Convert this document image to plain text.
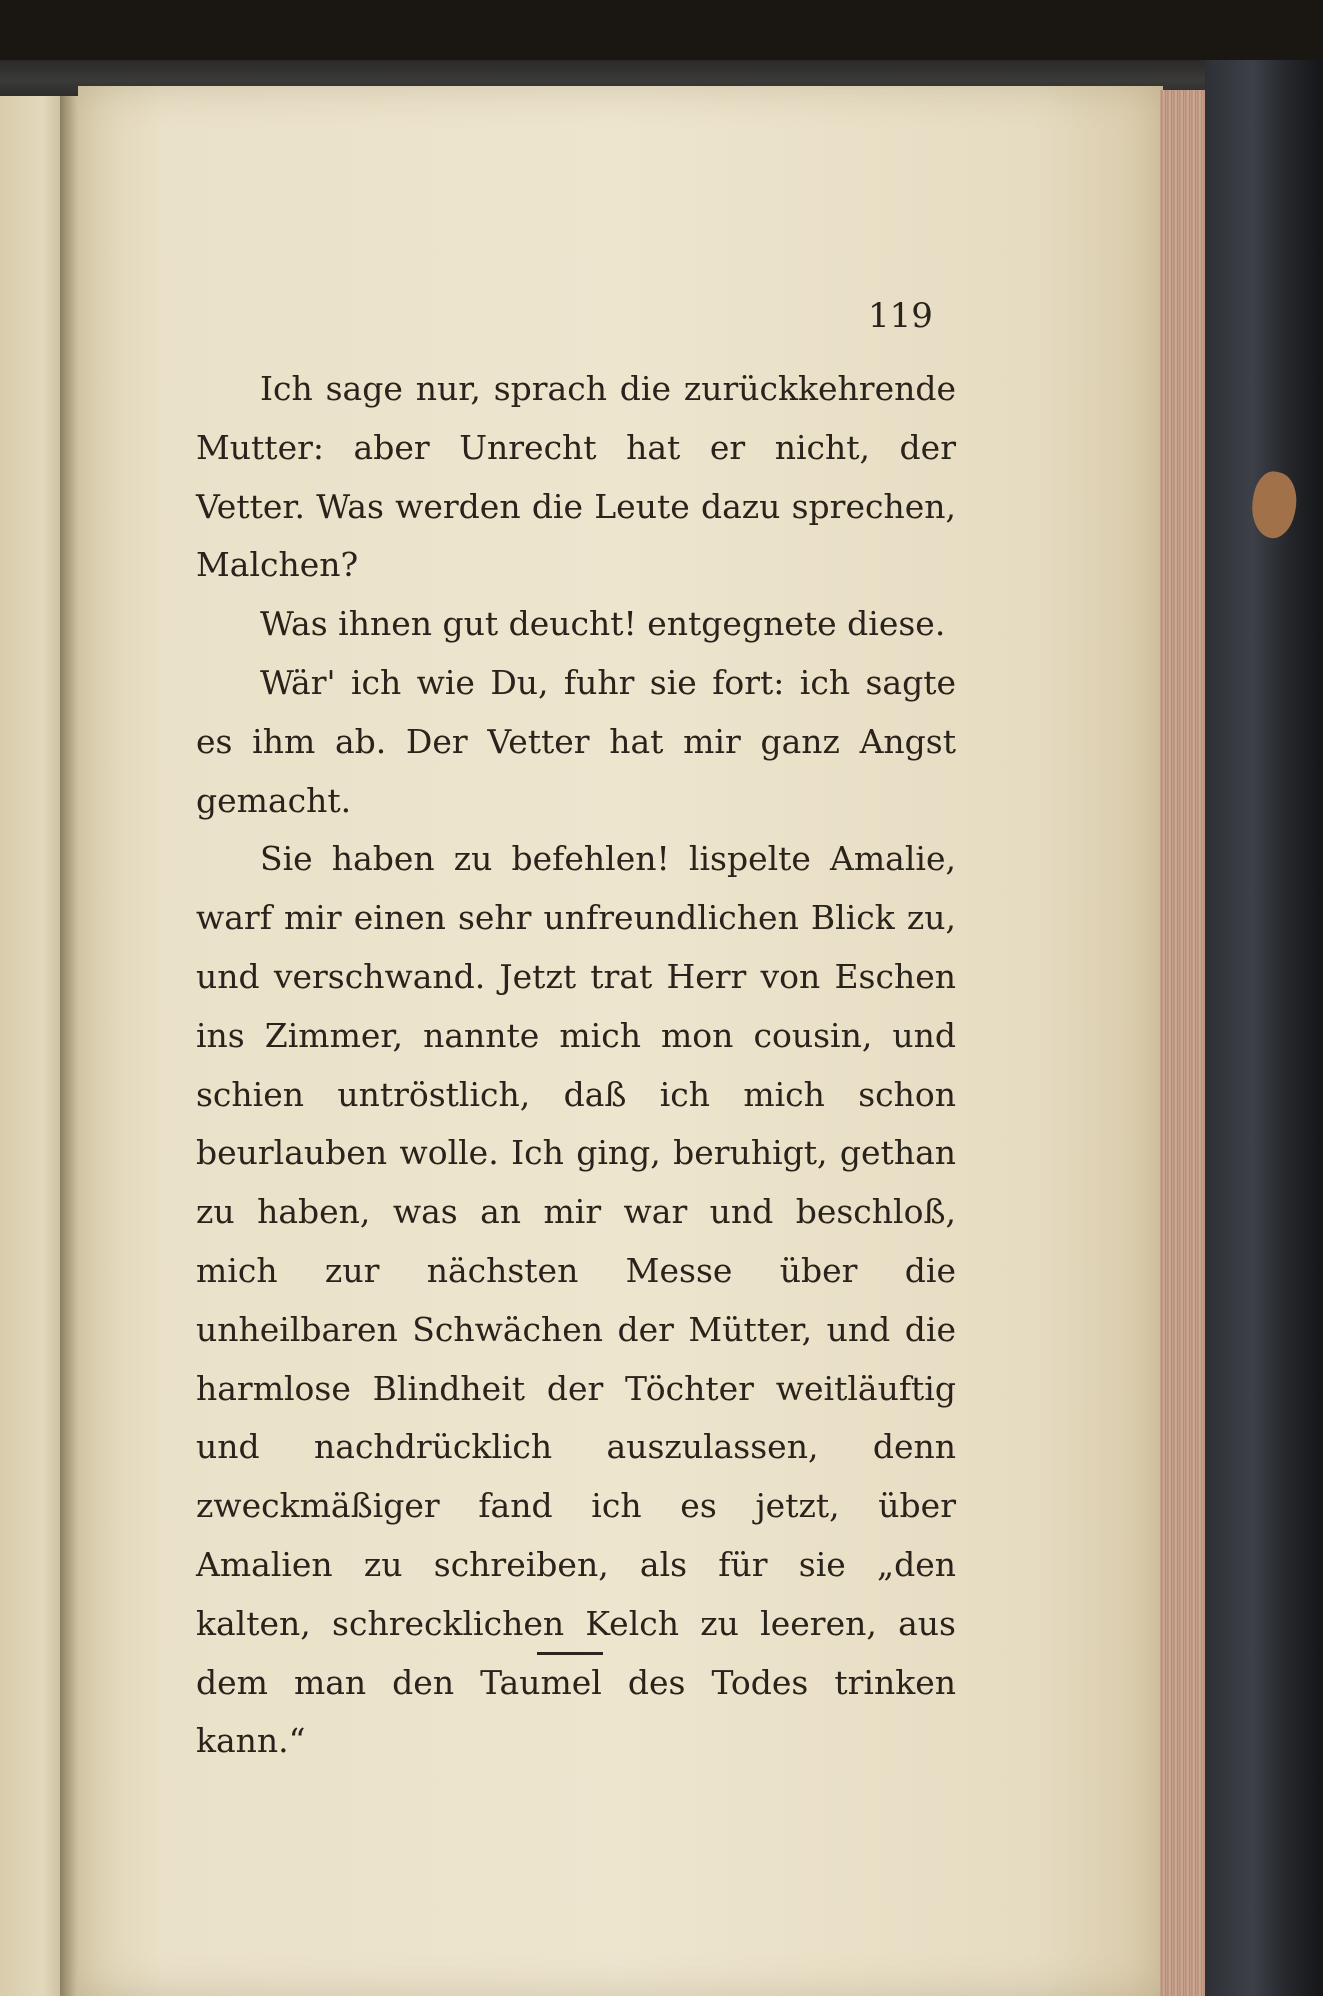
119

Ich sage nur, sprach die zurückkehrende Mutter: aber Unrecht hat er nicht, der Vetter. Was werden die Leute dazu sprechen, Malchen?

Was ihnen gut deucht! entgegnete diese.

Wär' ich wie Du, fuhr sie fort: ich sagte es ihm ab. Der Vetter hat mir ganz Angst gemacht.

Sie haben zu befehlen! lispelte Amalie, warf mir einen sehr unfreundlichen Blick zu, und verschwand. Jetzt trat Herr von Eschen ins Zimmer, nannte mich mon cousin, und schien untröstlich, daß ich mich schon beurlauben wolle. Ich ging, beruhigt, gethan zu haben, was an mir war und beschloß, mich zur nächsten Messe über die unheilbaren Schwächen der Mütter, und die harmlose Blindheit der Töchter weitläuftig und nachdrücklich auszulassen, denn zweckmäßiger fand ich es jetzt, über Amalien zu schreiben, als für sie „den kalten, schrecklichen Kelch zu leeren, aus dem man den Taumel des Todes trinken kann.“
